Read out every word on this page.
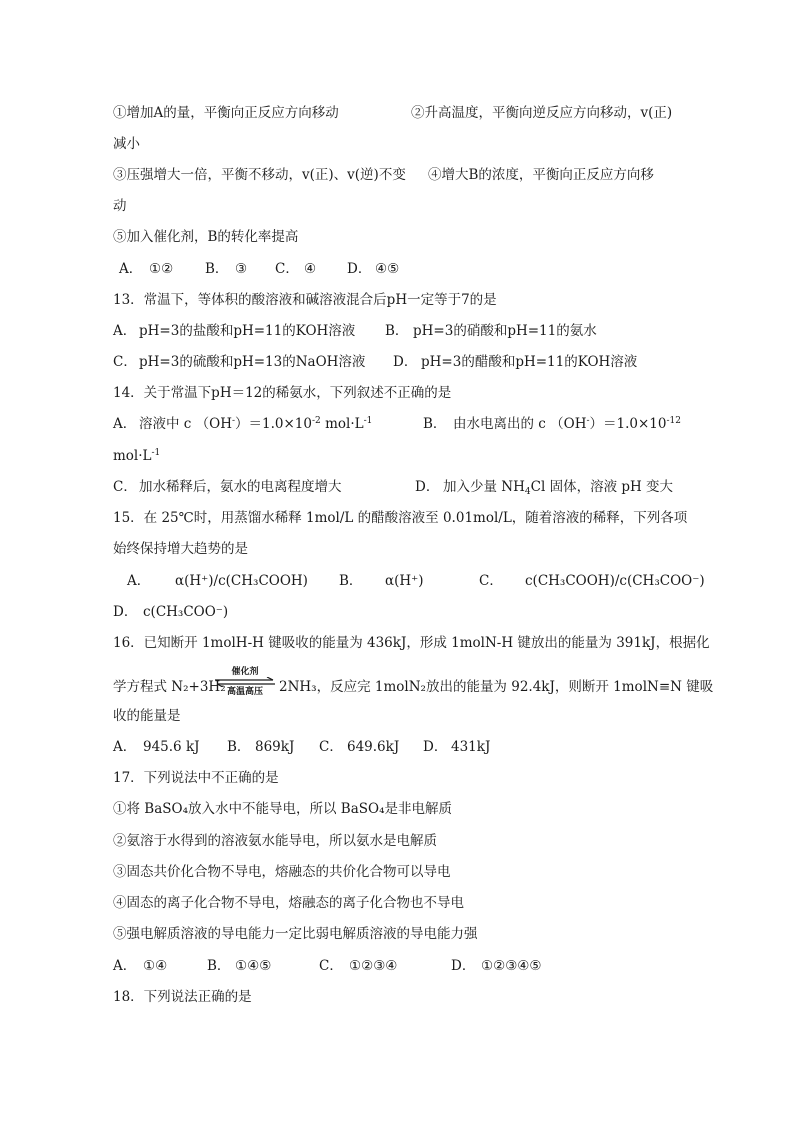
①增加A的量，平衡向正反应方向移动	②升高温度，平衡向逆反应方向移动，v(正)
减小
③压强增大一倍，平衡不移动，v(正)、v(逆)不变 ④增大B的浓度，平衡向正反应方向移
动
⑤加入催化剂，B的转化率提高
A． ①② B． ③ C． ④ D． ④⑤
13．常温下，等体积的酸溶液和碱溶液混合后pH一定等于7的是
A． pH=3的盐酸和pH=11的KOH溶液 B． pH=3的硝酸和pH=11的氨水
C． pH=3的硫酸和pH=13的NaOH溶液 D． pH=3的醋酸和pH=11的KOH溶液
14．关于常温下pH＝12的稀氨水，下列叙述不正确的是
A． 溶液中 c $(OH^-)=1.0\times 10^{-2}$ $mol\cdot L^{-1}$	B． 由水电离出的 c $(OH^-)=1.0\times 10^{-12}$
$mol\cdot L^{-1}$
C． 加水稀释后，氨水的电离程度增大	D． 加入少量 $NH_4Cl$ 固体，溶液 pH 变大
15．在 25℃时，用蒸馏水稀释 1mol/L 的醋酸溶液至 0.01mol/L，随着溶液的稀释，下列各项
始终保持增大趋势的是
A． α(H⁺)/c(CH₃COOH) B． α(H⁺)	C． c(CH₃COOH)/c(CH₃COO⁻)
D． c(CH₃COO⁻)
16．已知断开 1molH-H 键吸收的能量为 436kJ，形成 1molN-H 键放出的能量为 391kJ，根据化
学方程式 N₂+3H₂
催化剂
高温高压	2NH₃，反应完 1molN₂放出的能量为 92.4kJ，则断开 1molN≡N 键吸
收的能量是
A． 945.6 kJ B． 869kJ C． 649.6kJ D． 431kJ
17．下列说法中不正确的是
①将 BaSO₄放入水中不能导电，所以 BaSO₄是非电解质
②氨溶于水得到的溶液氨水能导电，所以氨水是电解质
③固态共价化合物不导电，熔融态的共价化合物可以导电
④固态的离子化合物不导电，熔融态的离子化合物也不导电
⑤强电解质溶液的导电能力一定比弱电解质溶液的导电能力强
A． ①④	B． ①④⑤	C． ①②③④	D． ①②③④⑤
18．下列说法正确的是
